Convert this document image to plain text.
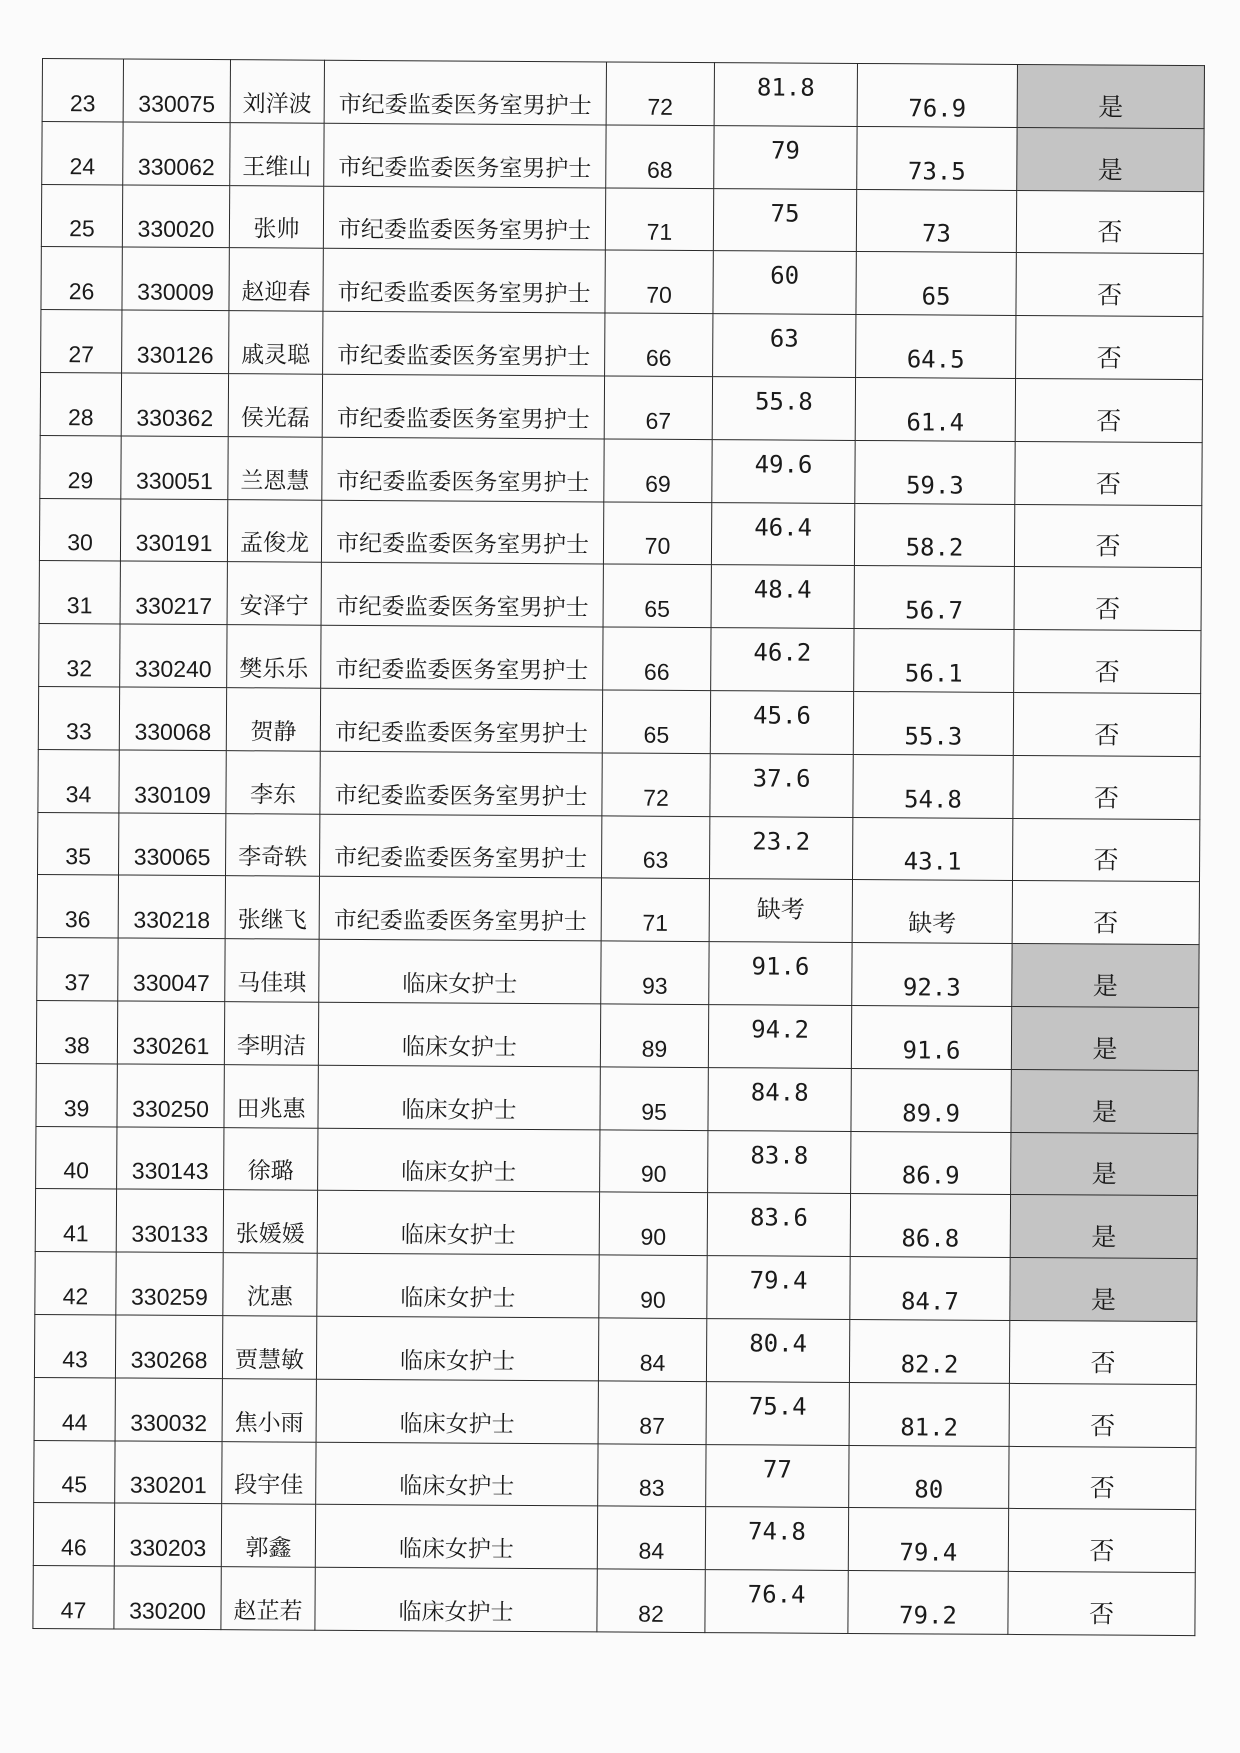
23	330075	刘洋波	市纪委监委医务室男护士	72	81.8	76.9	是
24	330062	王维山	市纪委监委医务室男护士	68	79	73.5	是
25	330020	张帅	市纪委监委医务室男护士	71	75	73	否
26	330009	赵迎春	市纪委监委医务室男护士	70	60	65	否
27	330126	戚灵聪	市纪委监委医务室男护士	66	63	64.5	否
28	330362	侯光磊	市纪委监委医务室男护士	67	55.8	61.4	否
29	330051	兰恩慧	市纪委监委医务室男护士	69	49.6	59.3	否
30	330191	孟俊龙	市纪委监委医务室男护士	70	46.4	58.2	否
31	330217	安泽宁	市纪委监委医务室男护士	65	48.4	56.7	否
32	330240	樊乐乐	市纪委监委医务室男护士	66	46.2	56.1	否
33	330068	贺静	市纪委监委医务室男护士	65	45.6	55.3	否
34	330109	李东	市纪委监委医务室男护士	72	37.6	54.8	否
35	330065	李奇轶	市纪委监委医务室男护士	63	23.2	43.1	否
36	330218	张继飞	市纪委监委医务室男护士	71	缺考	缺考	否
37	330047	马佳琪	临床女护士	93	91.6	92.3	是
38	330261	李明洁	临床女护士	89	94.2	91.6	是
39	330250	田兆惠	临床女护士	95	84.8	89.9	是
40	330143	徐璐	临床女护士	90	83.8	86.9	是
41	330133	张媛媛	临床女护士	90	83.6	86.8	是
42	330259	沈惠	临床女护士	90	79.4	84.7	是
43	330268	贾慧敏	临床女护士	84	80.4	82.2	否
44	330032	焦小雨	临床女护士	87	75.4	81.2	否
45	330201	段宇佳	临床女护士	83	77	80	否
46	330203	郭鑫	临床女护士	84	74.8	79.4	否
47	330200	赵芷若	临床女护士	82	76.4	79.2	否
